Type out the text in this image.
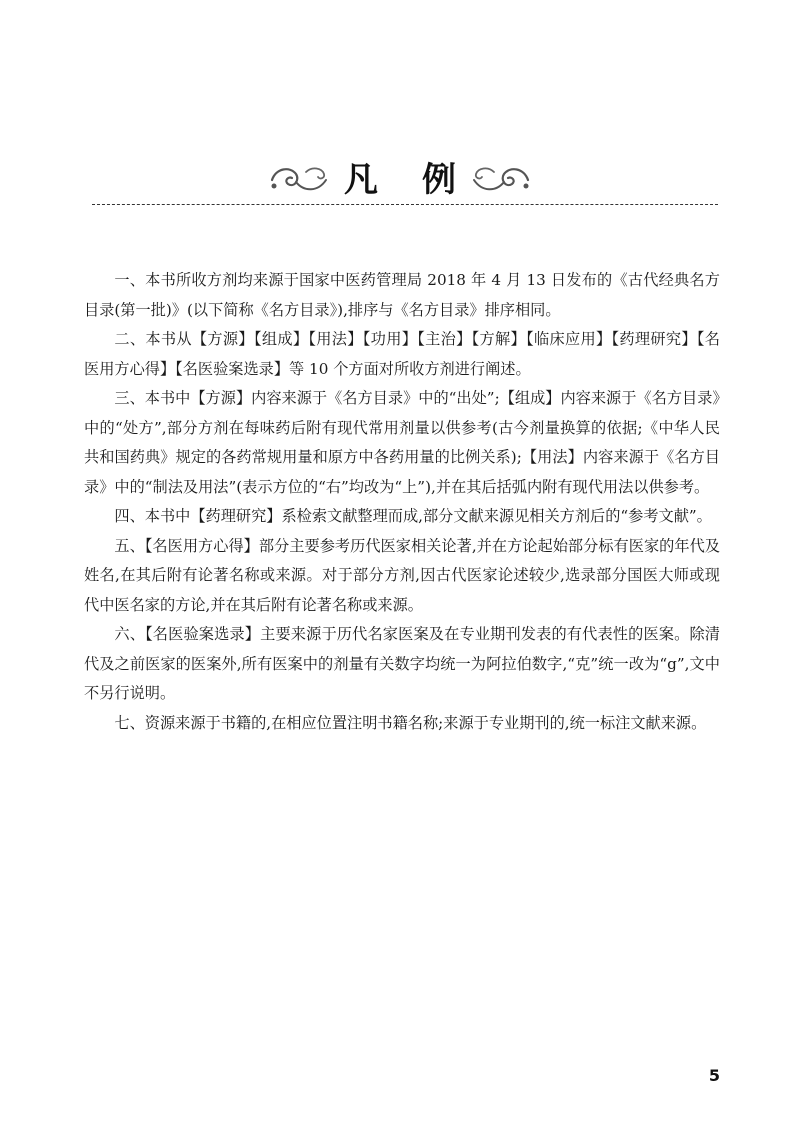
凡例

一、本书所收方剂均来源于国家中医药管理局 2018 年 4 月 13 日发布的《古代经典名方目录(第一批)》(以下简称《名方目录》),排序与《名方目录》排序相同。

二、本书从【方源】【组成】【用法】【功用】【主治】【方解】【临床应用】【药理研究】【名医用方心得】【名医验案选录】等 10 个方面对所收方剂进行阐述。

三、本书中【方源】内容来源于《名方目录》中的“出处”;【组成】内容来源于《名方目录》中的“处方”,部分方剂在每味药后附有现代常用剂量以供参考(古今剂量换算的依据;《中华人民共和国药典》规定的各药常规用量和原方中各药用量的比例关系);【用法】内容来源于《名方目录》中的“制法及用法”(表示方位的“右”均改为“上”),并在其后括弧内附有现代用法以供参考。

四、本书中【药理研究】系检索文献整理而成,部分文献来源见相关方剂后的“参考文献”。

五、【名医用方心得】部分主要参考历代医家相关论著,并在方论起始部分标有医家的年代及姓名,在其后附有论著名称或来源。对于部分方剂,因古代医家论述较少,选录部分国医大师或现代中医名家的方论,并在其后附有论著名称或来源。

六、【名医验案选录】主要来源于历代名家医案及在专业期刊发表的有代表性的医案。除清代及之前医家的医案外,所有医案中的剂量有关数字均统一为阿拉伯数字,“克”统一改为“g”,文中不另行说明。

七、资源来源于书籍的,在相应位置注明书籍名称;来源于专业期刊的,统一标注文献来源。

5
